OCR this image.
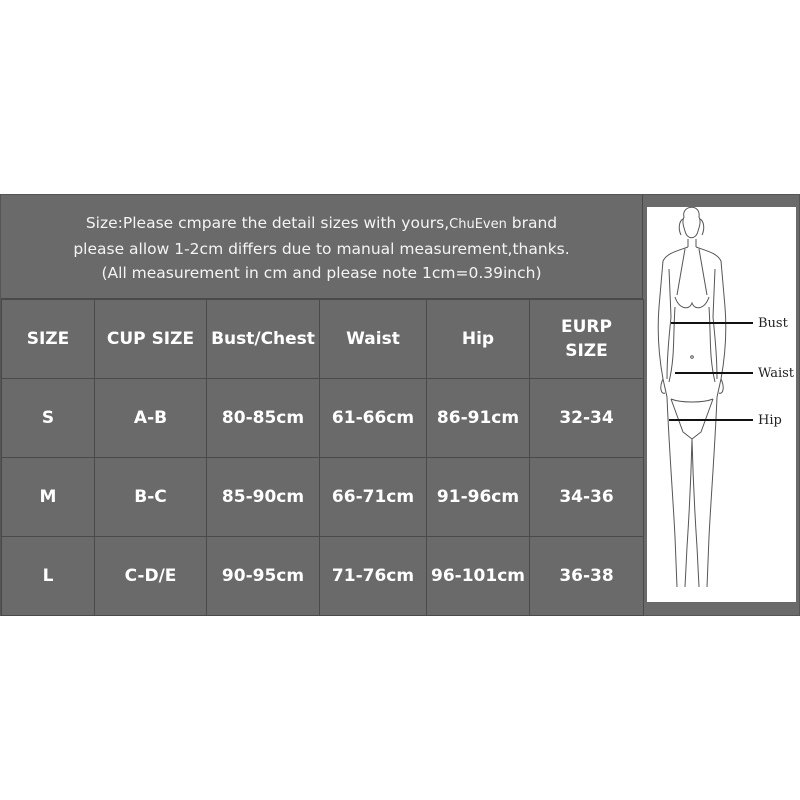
Size:Please cmpare the detail sizes with yours,ChuEven brand
please allow 1-2cm differs due to manual measurement,thanks.
(All measurement in cm and please note 1cm=0.39inch)
SIZE	CUP SIZE	Bust/Chest	Waist	Hip	EURP SIZE
S	A-B	80-85cm	61-66cm	86-91cm	32-34
M	B-C	85-90cm	66-71cm	91-96cm	34-36
L	C-D/E	90-95cm	71-76cm	96-101cm	36-38
Bust
Waist
Hip
